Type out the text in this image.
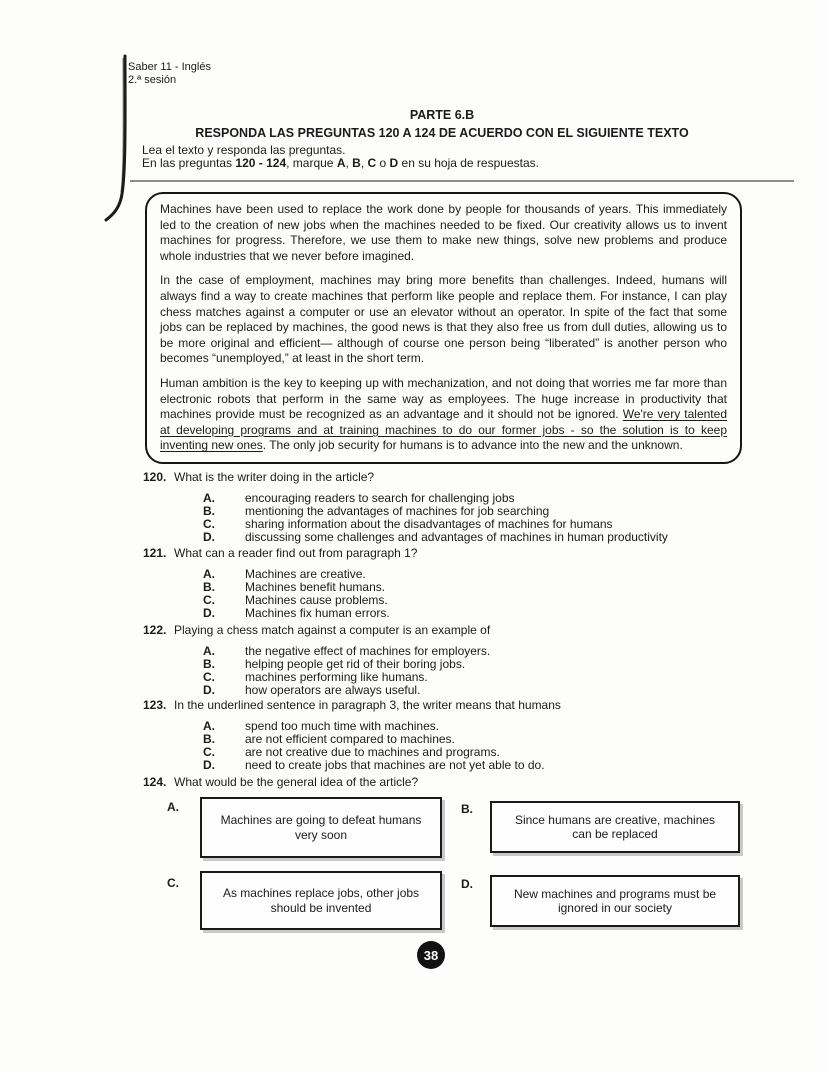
Saber 11 - Inglés
2.ª sesión
PARTE 6.B
RESPONDA LAS PREGUNTAS 120 A 124 DE ACUERDO CON EL SIGUIENTE TEXTO
Lea el texto y responda las preguntas.
En las preguntas 120 - 124, marque A, B, C o D en su hoja de respuestas.

Machines have been used to replace the work done by people for thousands of years. This immediately led to the creation of new jobs when the machines needed to be fixed. Our creativity allows us to invent machines for progress. Therefore, we use them to make new things, solve new problems and produce whole industries that we never before imagined.

In the case of employment, machines may bring more benefits than challenges. Indeed, humans will always find a way to create machines that perform like people and replace them. For instance, I can play chess matches against a computer or use an elevator without an operator. In spite of the fact that some jobs can be replaced by machines, the good news is that they also free us from dull duties, allowing us to be more original and efficient— although of course one person being “liberated” is another person who becomes “unemployed,” at least in the short term.

Human ambition is the key to keeping up with mechanization, and not doing that worries me far more than electronic robots that perform in the same way as employees. The huge increase in productivity that machines provide must be recognized as an advantage and it should not be ignored. We're very talented at developing programs and at training machines to do our former jobs - so the solution is to keep inventing new ones. The only job security for humans is to advance into the new and the unknown.

120. What is the writer doing in the article?
A.	encouraging readers to search for challenging jobs
B.	mentioning the advantages of machines for job searching
C.	sharing information about the disadvantages of machines for humans
D.	discussing some challenges and advantages of machines in human productivity
121. What can a reader find out from paragraph 1?
A.	Machines are creative.
B.	Machines benefit humans.
C.	Machines cause problems.
D.	Machines fix human errors.
122. Playing a chess match against a computer is an example of
A.	the negative effect of machines for employers.
B.	helping people get rid of their boring jobs.
C.	machines performing like humans.
D.	how operators are always useful.
123. In the underlined sentence in paragraph 3, the writer means that humans
A.	spend too much time with machines.
B.	are not efficient compared to machines.
C.	are not creative due to machines and programs.
D.	need to create jobs that machines are not yet able to do.
124. What would be the general idea of the article?
A.
Machines are going to defeat humans very soon
B.
Since humans are creative, machines can be replaced
C.
As machines replace jobs, other jobs should be invented
D.
New machines and programs must be ignored in our society
38
